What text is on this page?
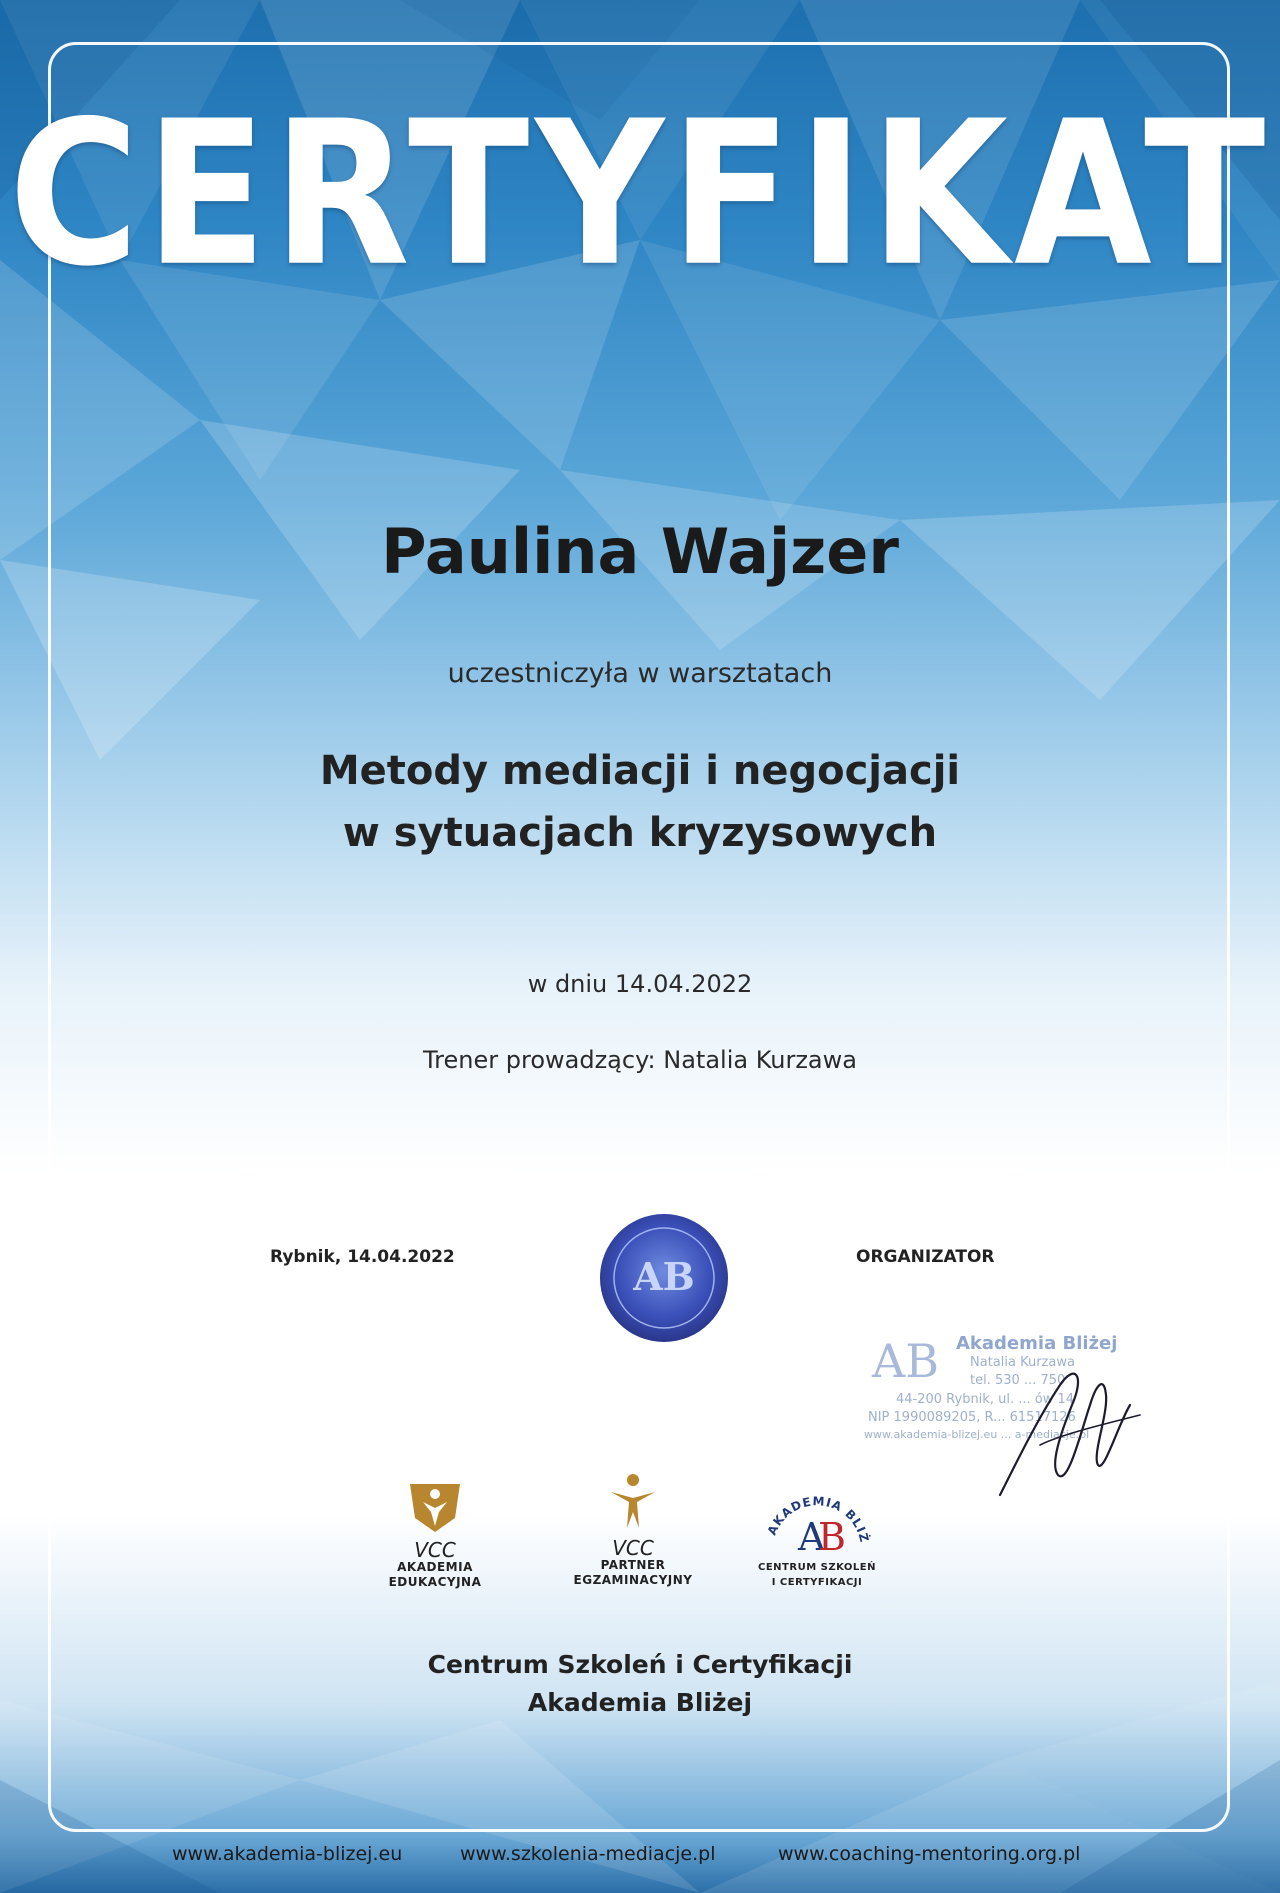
CERTYFIKAT
Paulina Wajzer
uczestniczyła w warsztatach
Metody mediacji i negocjacji
w sytuacjach kryzysowych
w dniu 14.04.2022
Trener prowadzący: Natalia Kurzawa
Rybnik, 14.04.2022	ORGANIZATOR
AB
AB Akademia Bliżej
Natalia Kurzawa
tel. 530 ... 750
44-200 Rybnik, ul. ... ów 14
NIP 1990089205, R... 61517126
www.akademia-blizej.eu ... a-mediacje.pl
VCC
AKADEMIA
EDUKACYJNA
VCC
PARTNER
EGZAMINACYJNY
AKADEMIA BLIŻ
A
B
CENTRUM SZKOLEŃ
I CERTYFIKACJI
Centrum Szkoleń i Certyfikacji
Akademia Bliżej
www.akademia-blizej.eu	www.szkolenia-mediacje.pl	www.coaching-mentoring.org.pl
